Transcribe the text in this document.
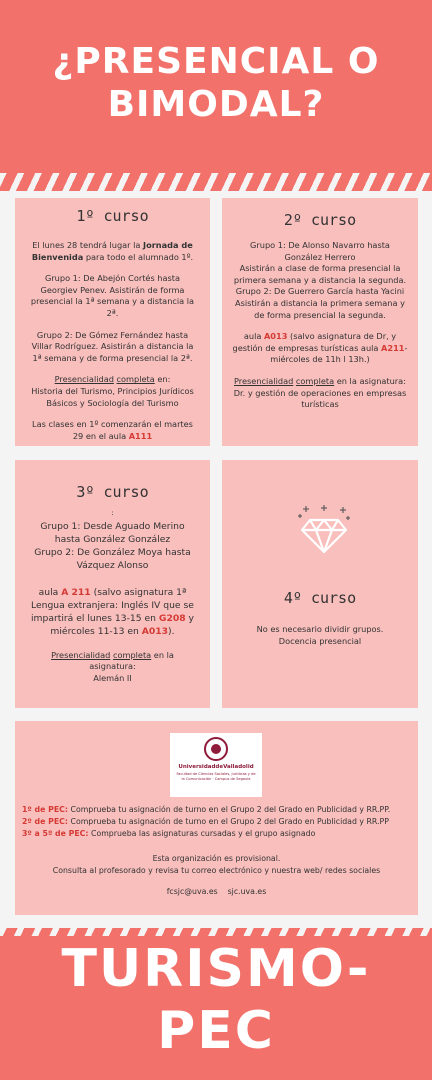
¿PRESENCIAL O
BIMODAL?
1º curso

El lunes 28 tendrá lugar la Jornada de Bienvenida para todo el alumnado 1º.

Grupo 1: De Abejón Cortés hasta Georgiev Penev. Asistirán de forma presencial la 1ª semana y a distancia la 2ª.

Grupo 2: De Gómez Fernández hasta Villar Rodríguez. Asistirán a distancia la 1ª semana y de forma presencial la 2ª.

Presencialidad completa en:

Historia del Turismo, Principios Jurídicos Básicos y Sociología del Turismo

Las clases en 1º comenzarán el martes 29 en el aula A111

2º curso

Grupo 1: De Alonso Navarro hasta González Herrero

Asistirán a clase de forma presencial la primera semana y a distancia la segunda.

Grupo 2: De Guerrero García hasta Yacini

Asistirán a distancia la primera semana y de forma presencial la segunda.

aula A013 (salvo asignatura de Dr, y gestión de empresas turísticas aula A211- miércoles de 11h l 13h.)

Presencialidad completa en la asignatura:

Dr. y gestión de operaciones en empresas turísticas

3º curso

:

Grupo 1: Desde Aguado Merino hasta González González

Grupo 2: De González Moya hasta Vázquez Alonso

aula A 211 (salvo asignatura 1ª Lengua extranjera: Inglés IV que se impartirá el lunes 13-15 en G208 y miércoles 11-13 en A013).

Presencialidad completa en la asignatura:

Alemán II

4º curso

No es necesario dividir grupos.

Docencia presencial

UniversidaddeValladolid
Facultad de Ciencias Sociales, Jurídicas y de la Comunicación · Campus de Segovia
1º de PEC: Comprueba tu asignación de turno en el Grupo 2 del Grado en Publicidad y RR.PP.
2º de PEC: Comprueba tu asignación de turno en el Grupo 2 del Grado en Publicidad y RR.PP
3º a 5º de PEC: Comprueba las asignaturas cursadas y el grupo asignado
Esta organización es provisional.
Consulta al profesorado y revisa tu correo electrónico y nuestra web/ redes sociales
fcsjc@uva.es sjc.uva.es
TURISMO-
PEC
